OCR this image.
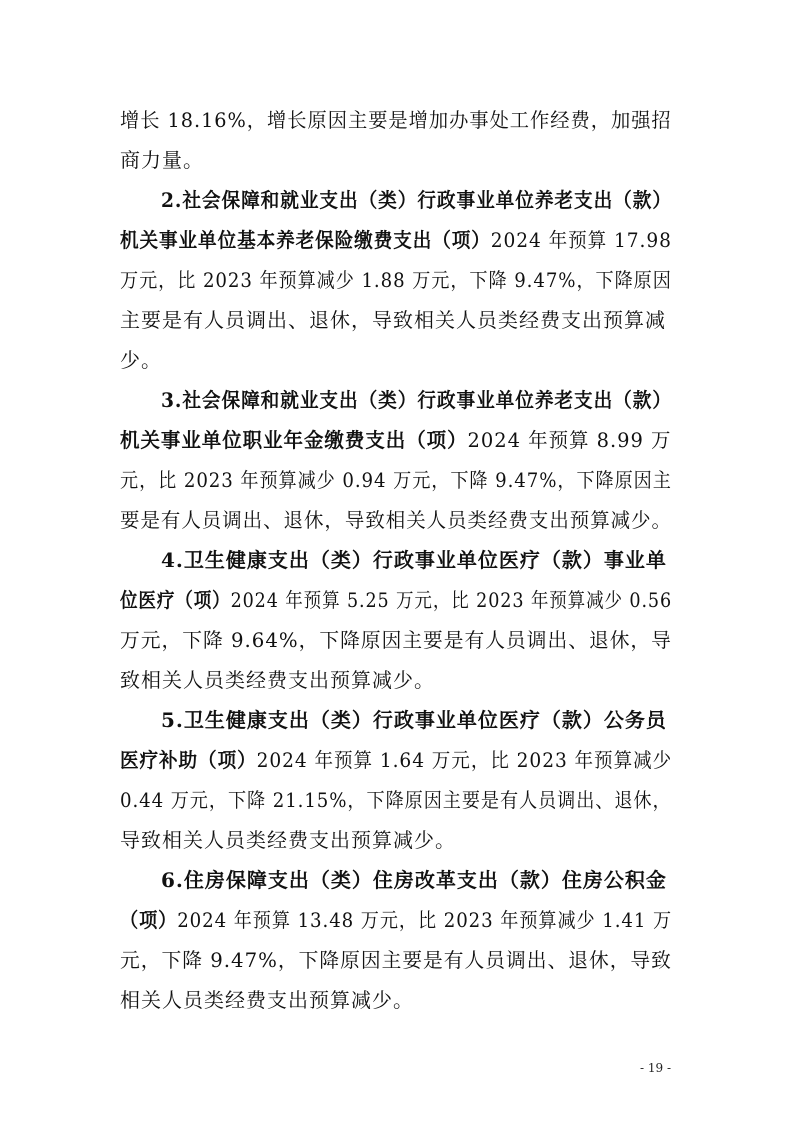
增长 18.16%，增长原因主要是增加办事处工作经费，加强招
商力量。
2.社会保障和就业支出（类）行政事业单位养老支出（款）
机关事业单位基本养老保险缴费支出（项）2024 年预算 17.98
万元，比 2023 年预算减少 1.88 万元，下降 9.47%，下降原因
主要是有人员调出、退休，导致相关人员类经费支出预算减
少。
3.社会保障和就业支出（类）行政事业单位养老支出（款）
机关事业单位职业年金缴费支出（项）2024 年预算 8.99 万
元，比 2023 年预算减少 0.94 万元，下降 9.47%，下降原因主
要是有人员调出、退休，导致相关人员类经费支出预算减少。
4.卫生健康支出（类）行政事业单位医疗（款）事业单
位医疗（项）2024 年预算 5.25 万元，比 2023 年预算减少 0.56
万元，下降 9.64%，下降原因主要是有人员调出、退休，导
致相关人员类经费支出预算减少。
5.卫生健康支出（类）行政事业单位医疗（款）公务员
医疗补助（项）2024 年预算 1.64 万元，比 2023 年预算减少
0.44 万元，下降 21.15%，下降原因主要是有人员调出、退休，
导致相关人员类经费支出预算减少。
6.住房保障支出（类）住房改革支出（款）住房公积金
（项）2024 年预算 13.48 万元，比 2023 年预算减少 1.41 万
元，下降 9.47%，下降原因主要是有人员调出、退休，导致
相关人员类经费支出预算减少。
- 19 -
